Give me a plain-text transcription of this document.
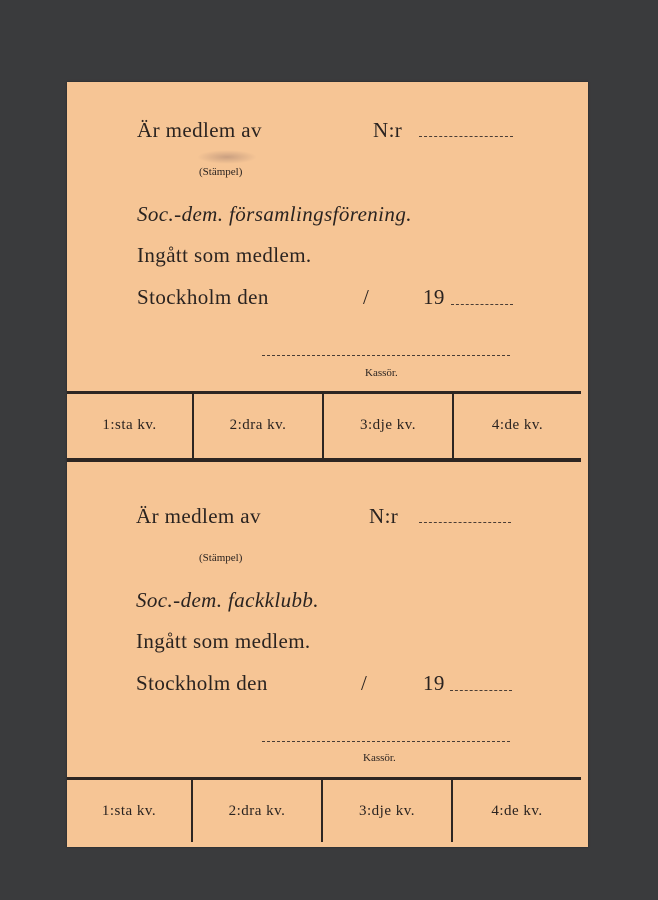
Är medlem av	N:r
(Stämpel)
Soc.-dem. församlingsförening.
Ingått som medlem.
Stockholm den	/	19
Kassör.
1:sta kv.	2:dra kv.	3:dje kv.	4:de kv.
Är medlem av	N:r
(Stämpel)
Soc.-dem. fackklubb.
Ingått som medlem.
Stockholm den	/	19
Kassör.
1:sta kv.	2:dra kv.	3:dje kv.	4:de kv.
